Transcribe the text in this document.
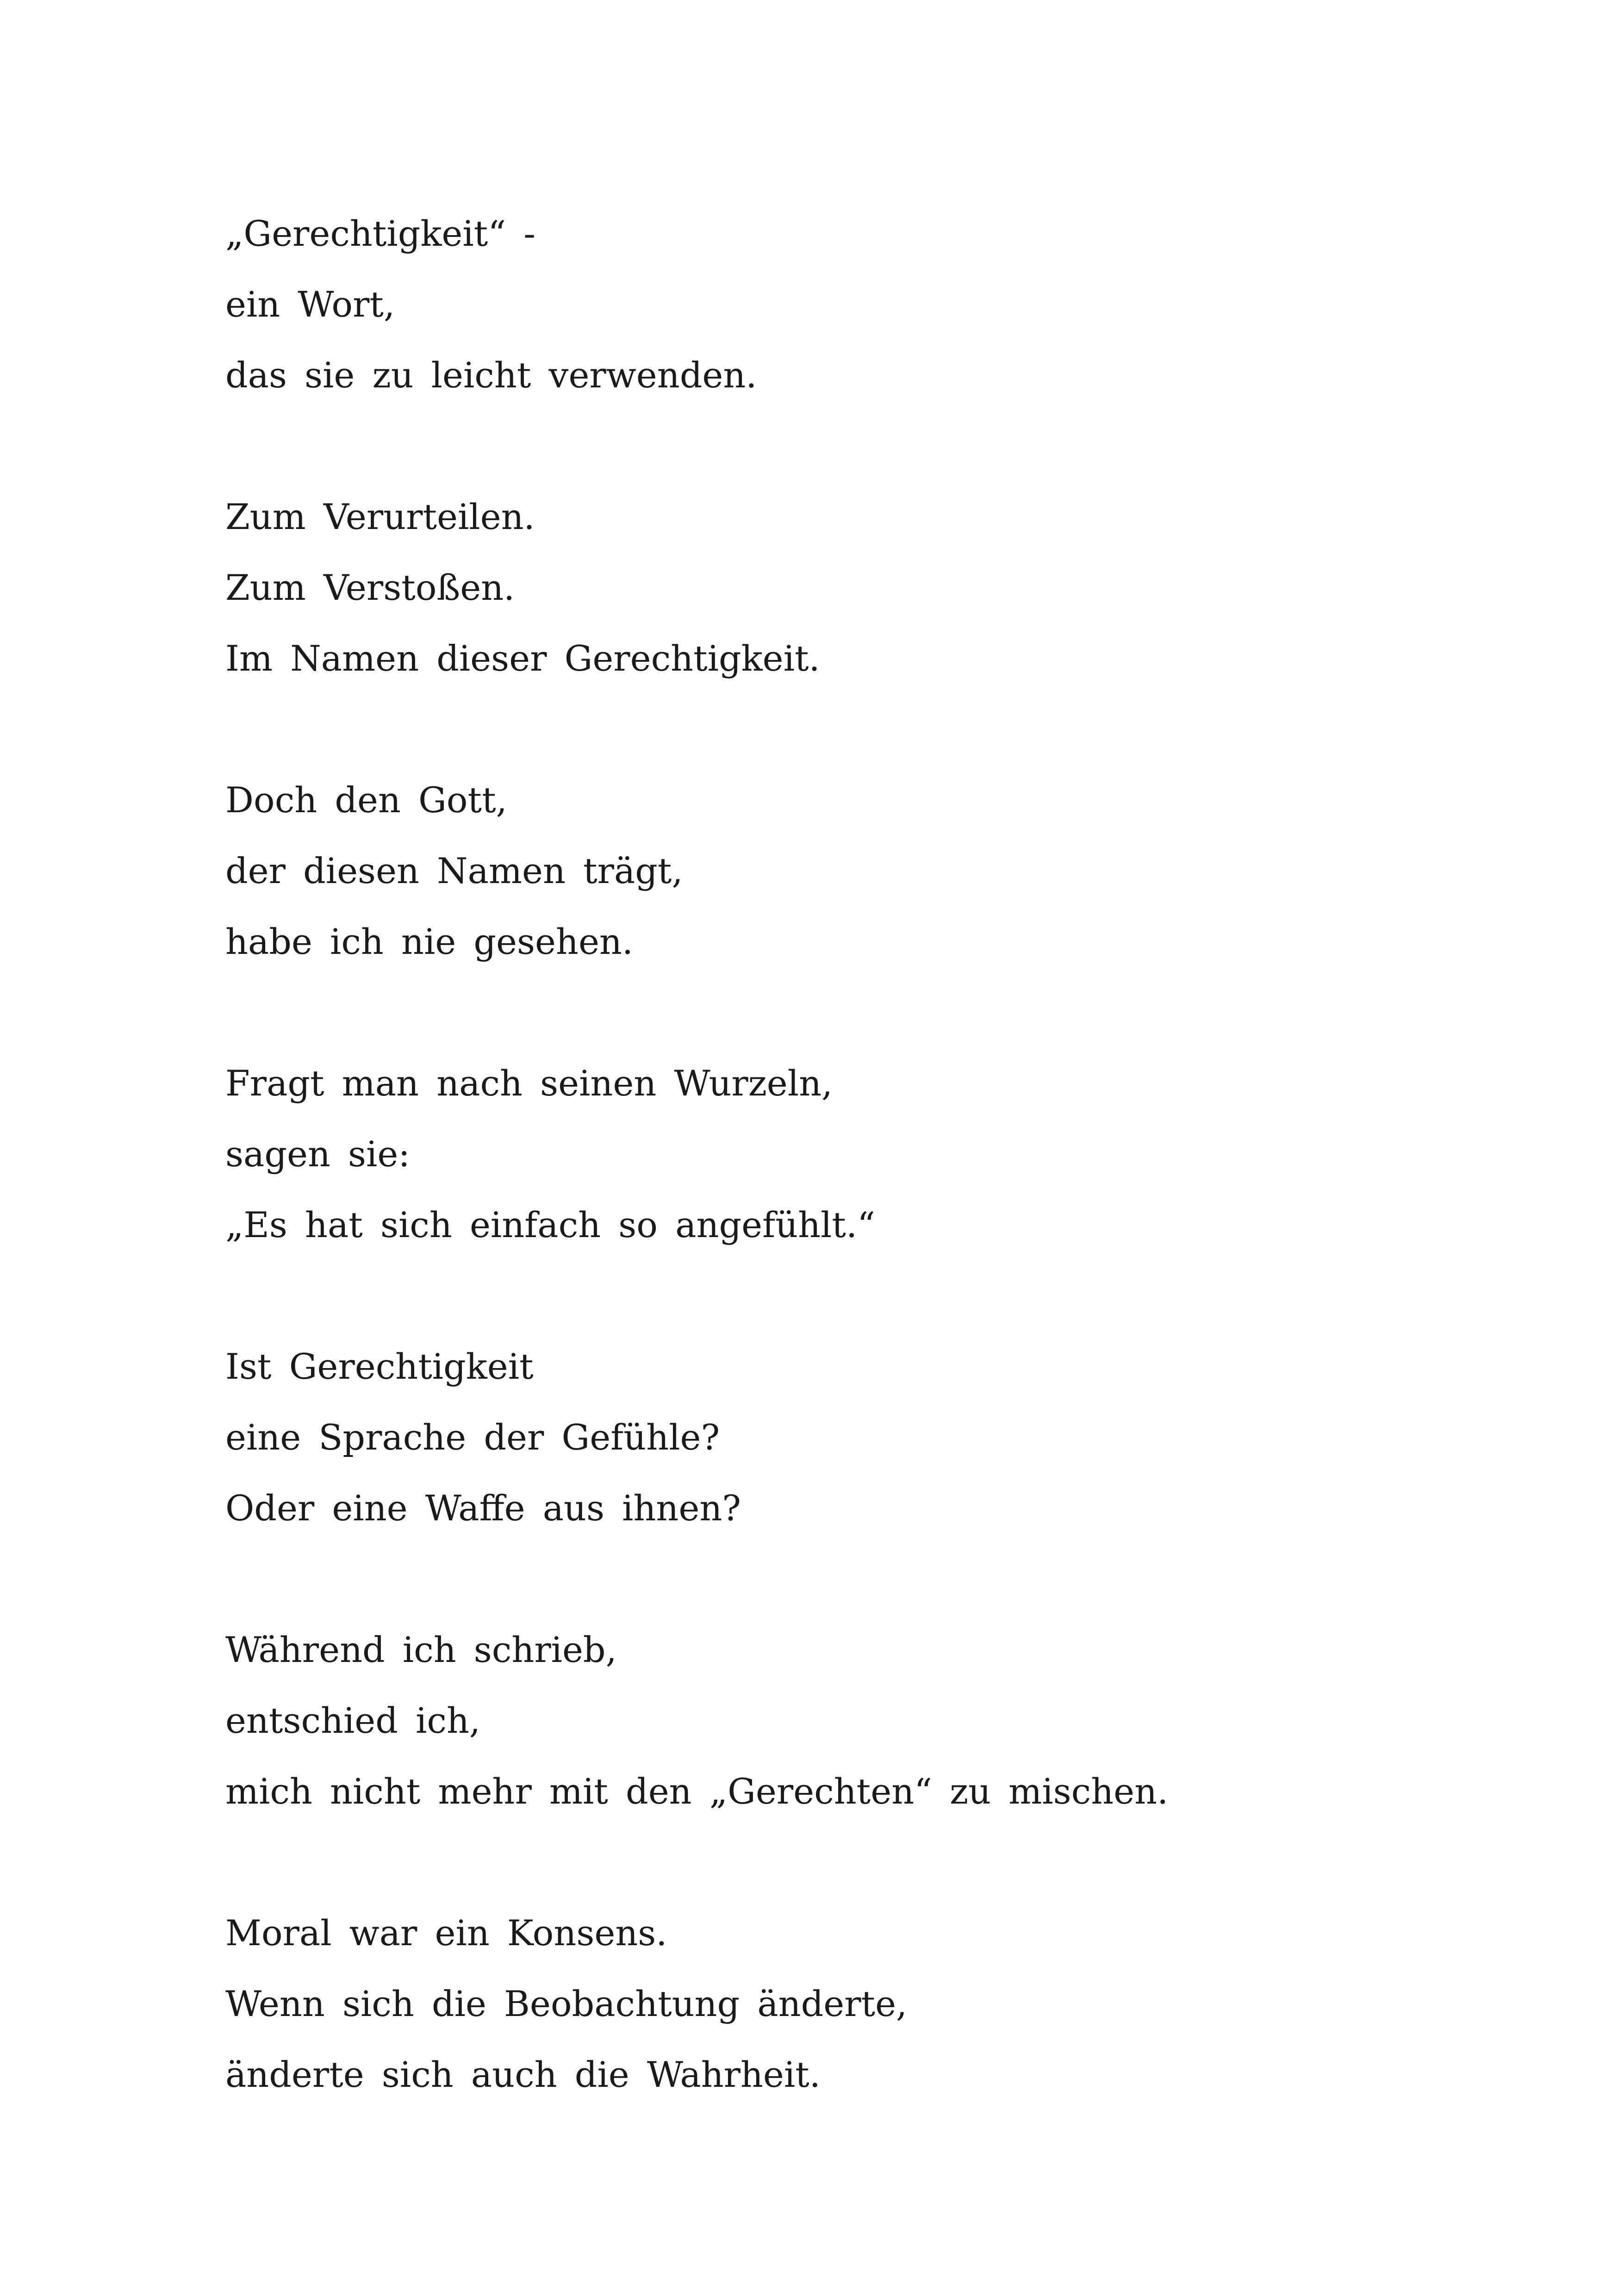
„Gerechtigkeit“ -
ein Wort,
das sie zu leicht verwenden.
Zum Verurteilen.
Zum Verstoßen.
Im Namen dieser Gerechtigkeit.
Doch den Gott,
der diesen Namen trägt,
habe ich nie gesehen.
Fragt man nach seinen Wurzeln,
sagen sie:
„Es hat sich einfach so angefühlt.“
Ist Gerechtigkeit
eine Sprache der Gefühle?
Oder eine Waffe aus ihnen?
Während ich schrieb,
entschied ich,
mich nicht mehr mit den „Gerechten“ zu mischen.
Moral war ein Konsens.
Wenn sich die Beobachtung änderte,
änderte sich auch die Wahrheit.
